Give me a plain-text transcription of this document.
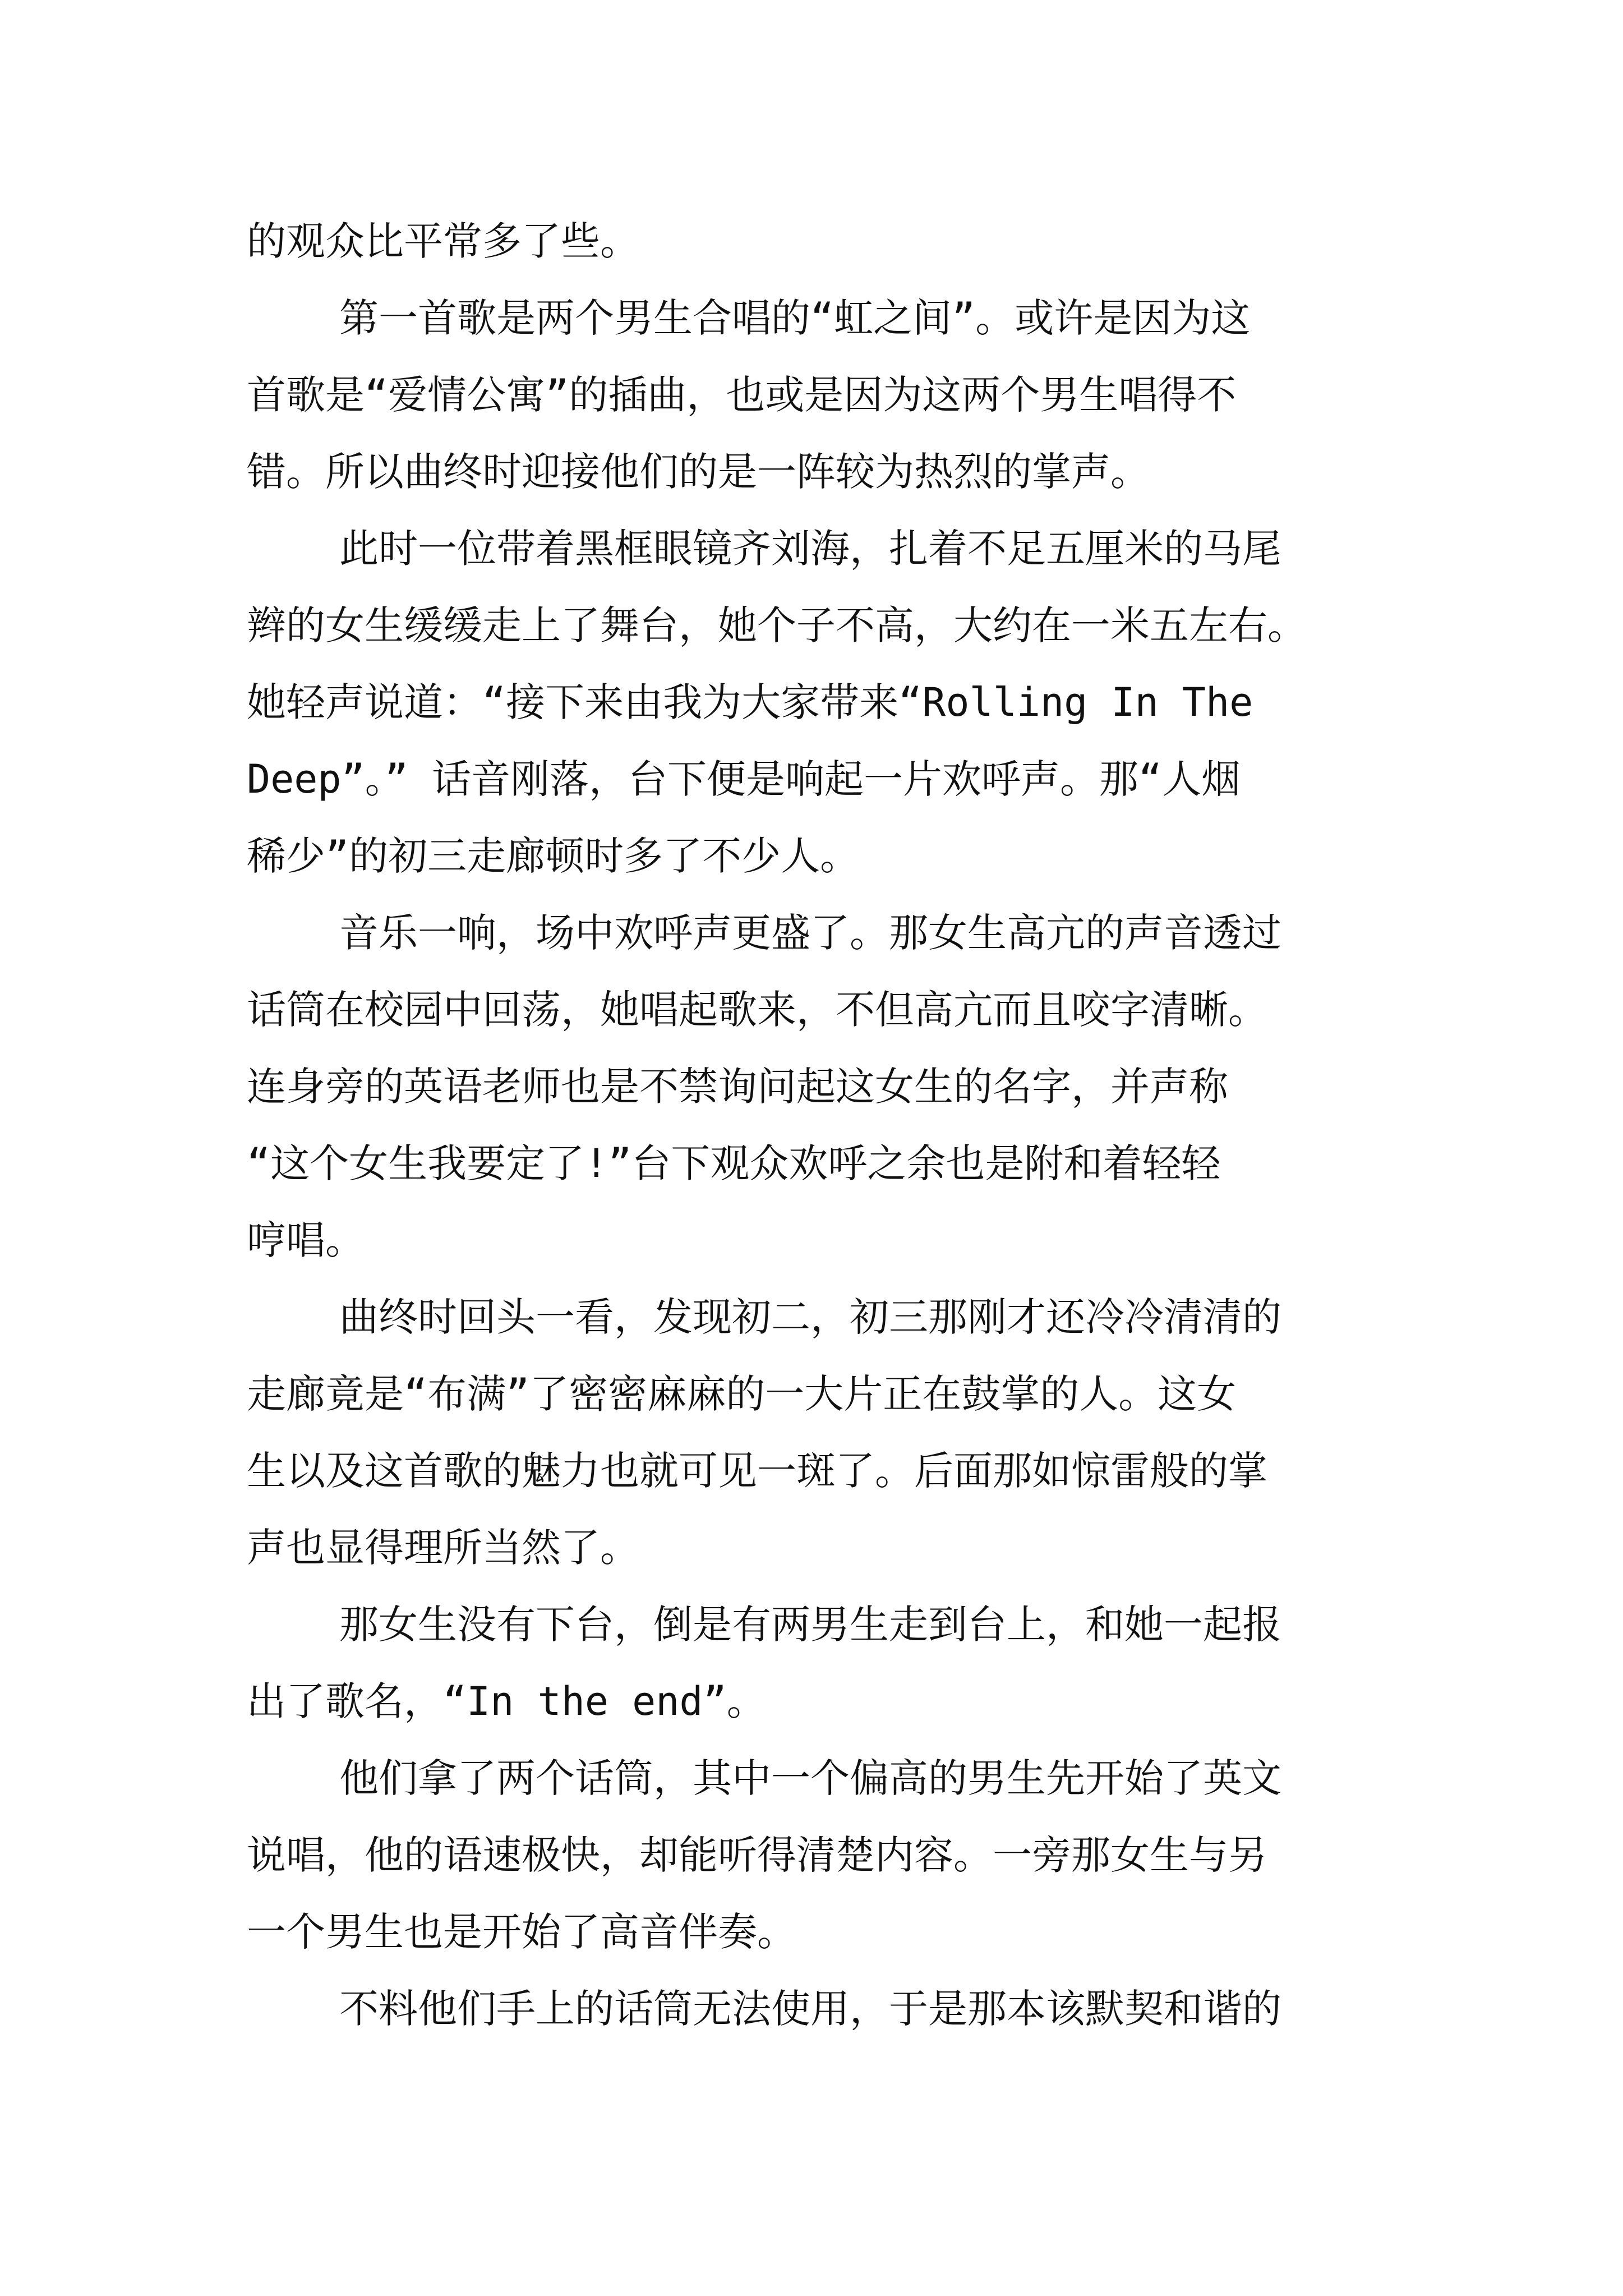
的观众比平常多了些。
第一首歌是两个男生合唱的“虹之间”。或许是因为这
首歌是“爱情公寓”的插曲，也或是因为这两个男生唱得不
错。所以曲终时迎接他们的是一阵较为热烈的掌声。
此时一位带着黑框眼镜齐刘海，扎着不足五厘米的马尾
辫的女生缓缓走上了舞台，她个子不高，大约在一米五左右。
她轻声说道：“接下来由我为大家带来“Rolling In The
Deep”。” 话音刚落，台下便是响起一片欢呼声。那“人烟
稀少”的初三走廊顿时多了不少人。
音乐一响，场中欢呼声更盛了。那女生高亢的声音透过
话筒在校园中回荡，她唱起歌来，不但高亢而且咬字清晰。
连身旁的英语老师也是不禁询问起这女生的名字，并声称
“这个女生我要定了!”台下观众欢呼之余也是附和着轻轻
哼唱。
曲终时回头一看，发现初二，初三那刚才还冷冷清清的
走廊竟是“布满”了密密麻麻的一大片正在鼓掌的人。这女
生以及这首歌的魅力也就可见一斑了。后面那如惊雷般的掌
声也显得理所当然了。
那女生没有下台，倒是有两男生走到台上，和她一起报
出了歌名，“In the end”。
他们拿了两个话筒，其中一个偏高的男生先开始了英文
说唱，他的语速极快，却能听得清楚内容。一旁那女生与另
一个男生也是开始了高音伴奏。
不料他们手上的话筒无法使用，于是那本该默契和谐的
